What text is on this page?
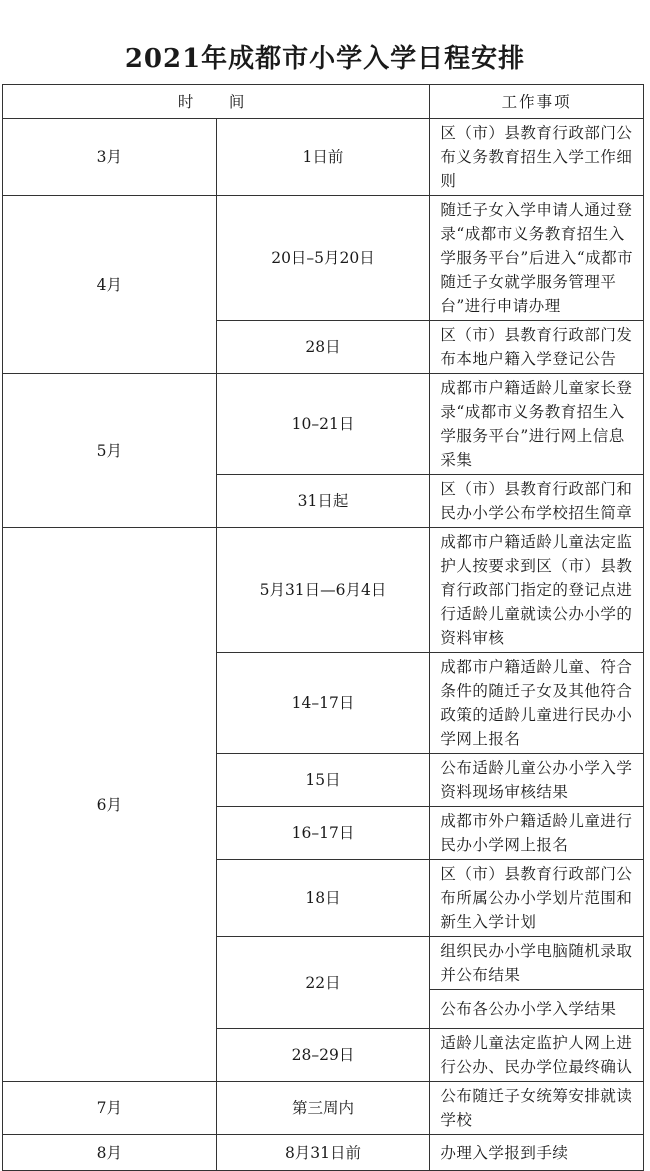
2021年成都市小学入学日程安排
时　间		工作事项
3月	1日前	区（市）县教育行政部门公布义务教育招生入学工作细则
4月	20日–5月20日	随迁子女入学申请人通过登录“成都市义务教育招生入学服务平台”后进入“成都市随迁子女就学服务管理平台”进行申请办理
	28日	区（市）县教育行政部门发布本地户籍入学登记公告
5月	10–21日	成都市户籍适龄儿童家长登录“成都市义务教育招生入学服务平台”进行网上信息采集
	31日起	区（市）县教育行政部门和民办小学公布学校招生简章
6月	5月31日—6月4日	成都市户籍适龄儿童法定监护人按要求到区（市）县教育行政部门指定的登记点进行适龄儿童就读公办小学的资料审核
	14–17日	成都市户籍适龄儿童、符合条件的随迁子女及其他符合政策的适龄儿童进行民办小学网上报名
	15日	公布适龄儿童公办小学入学资料现场审核结果
	16–17日	成都市外户籍适龄儿童进行民办小学网上报名
	18日	区（市）县教育行政部门公布所属公办小学划片范围和新生入学计划
	22日	组织民办小学电脑随机录取并公布结果
		公布各公办小学入学结果
	28–29日	适龄儿童法定监护人网上进行公办、民办学位最终确认
7月	第三周内	公布随迁子女统筹安排就读学校
8月	8月31日前	办理入学报到手续
